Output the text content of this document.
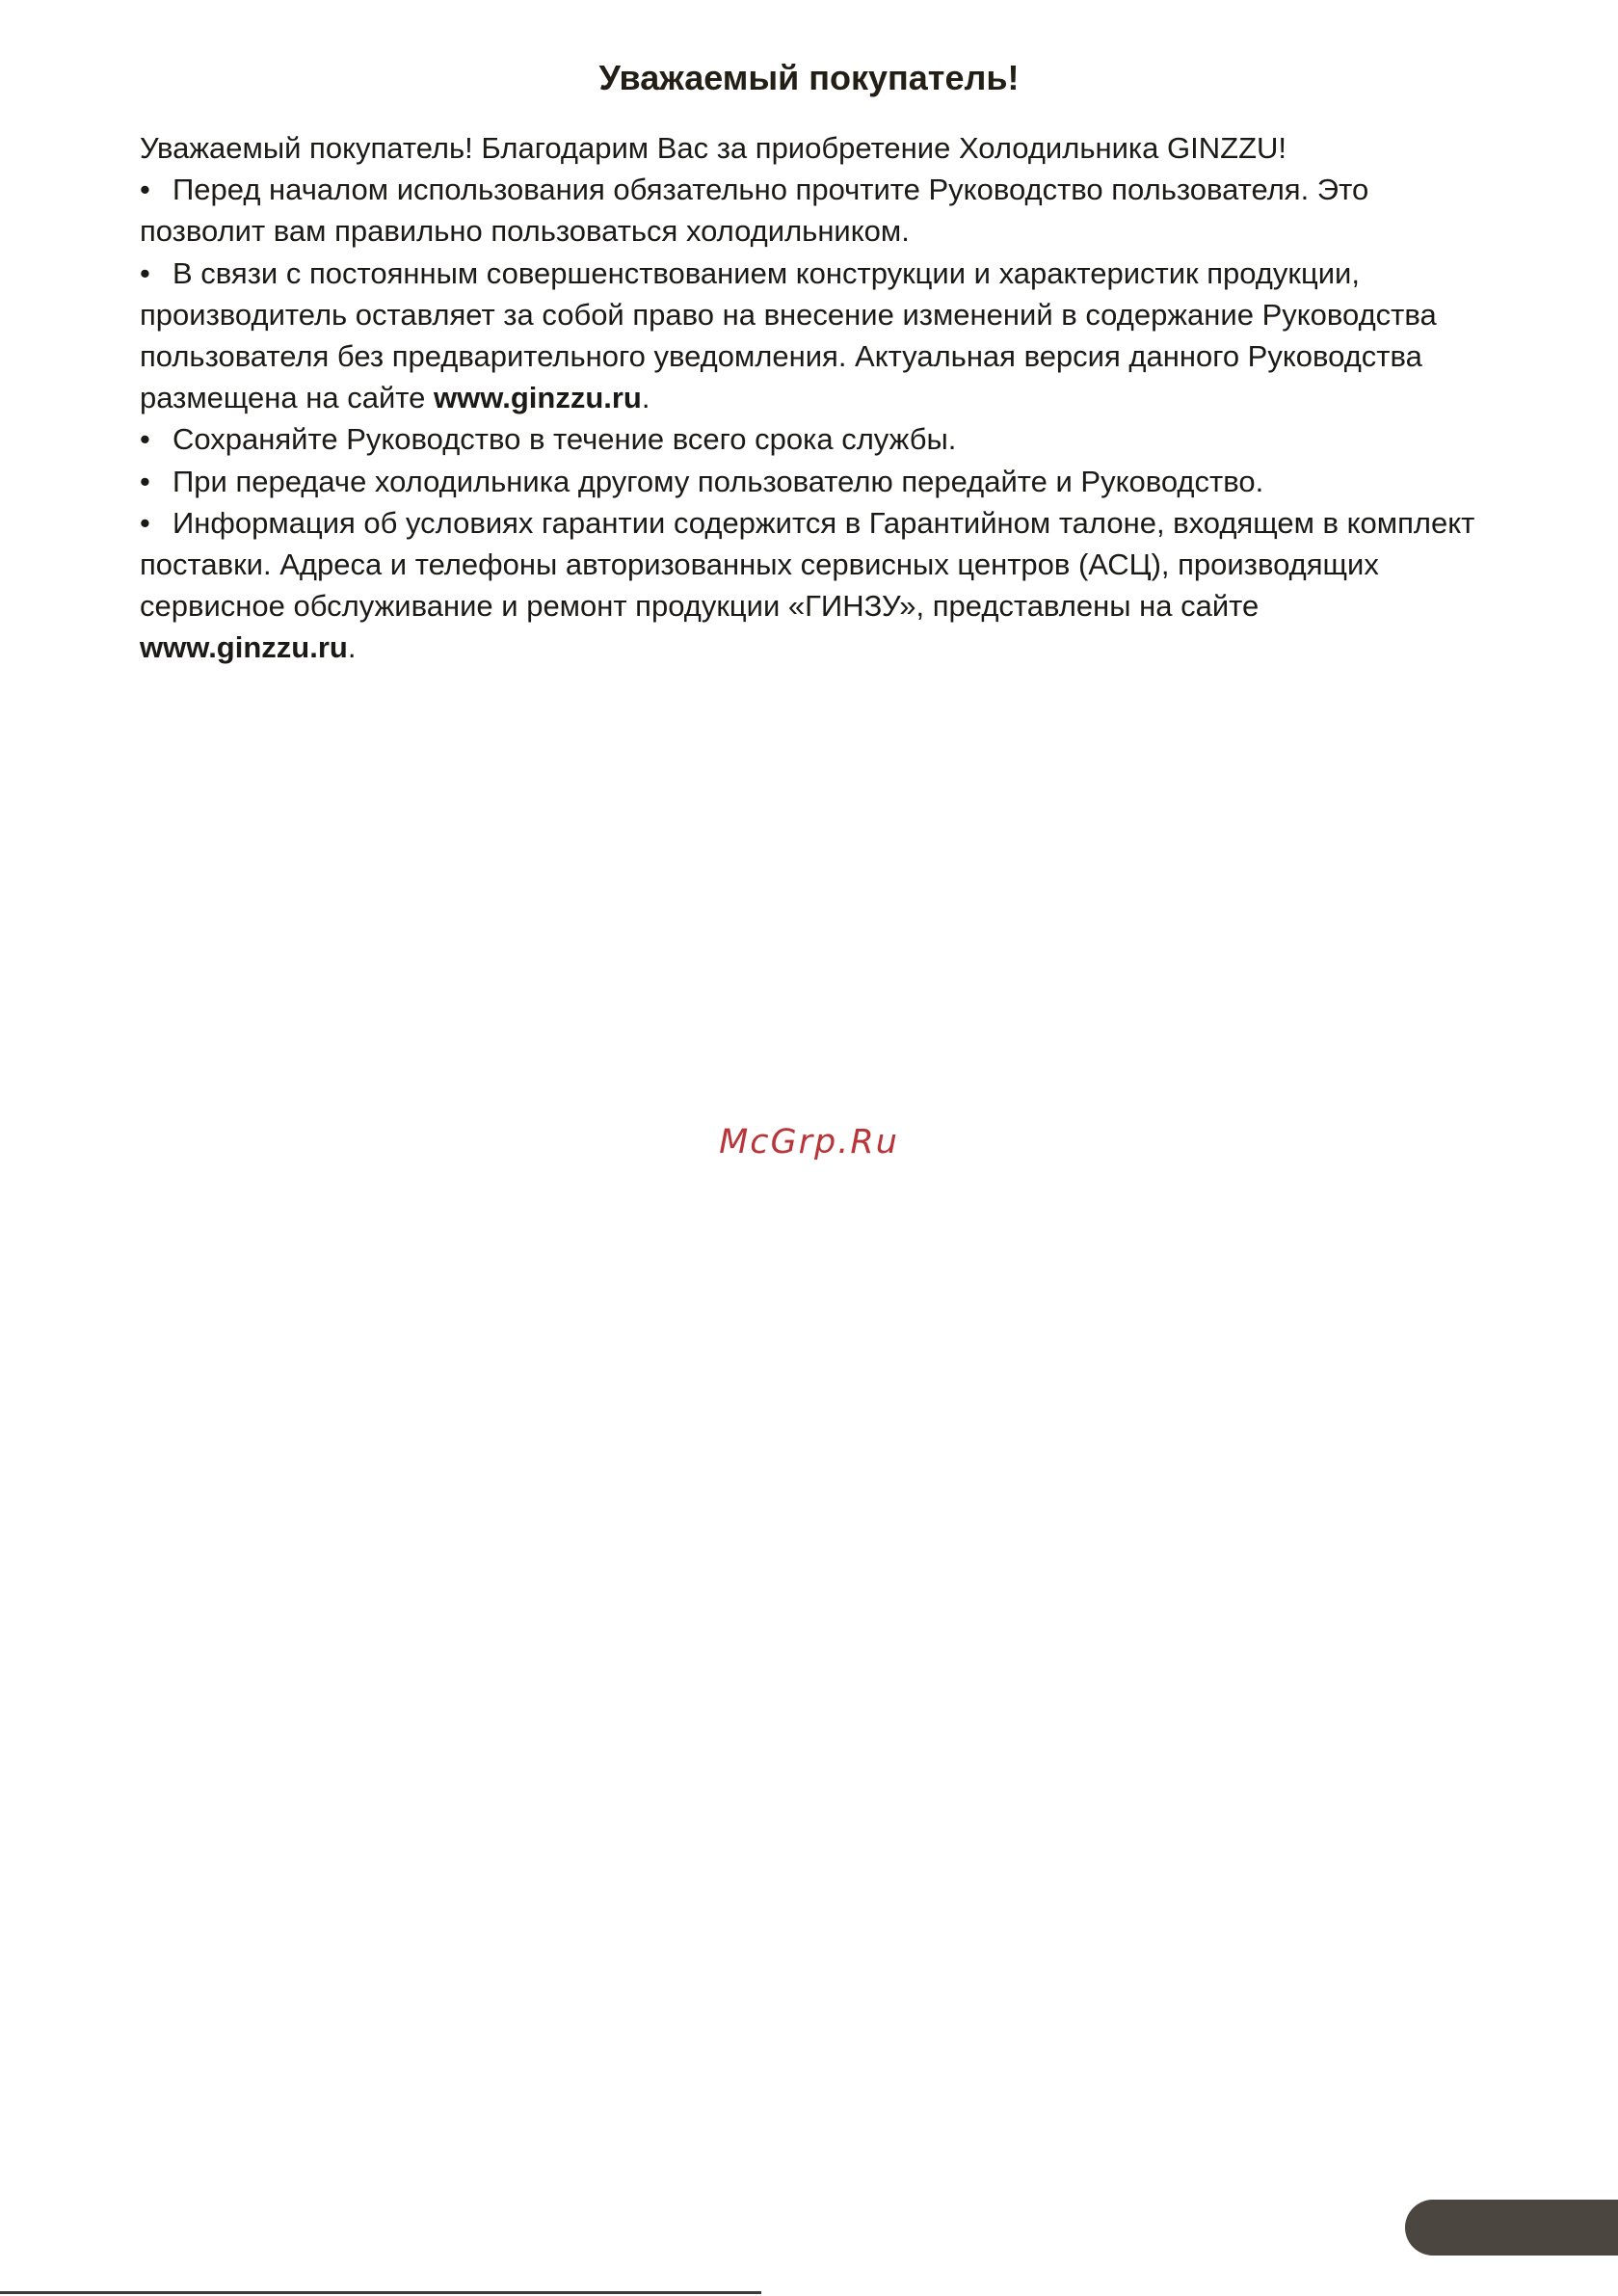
Уважаемый покупатель!

Уважаемый покупатель! Благодарим Вас за приобретение Холодильника GINZZU!

• Перед началом использования обязательно прочтите Руководство пользователя. Это позволит вам правильно пользоваться холодильником.

• В связи с постоянным совершенствованием конструкции и характеристик продукции, производитель оставляет за собой право на внесение изменений в содержание Руководства пользователя без предварительного уведомления. Актуальная версия данного Руководства размещена на сайте www.ginzzu.ru.

• Сохраняйте Руководство в течение всего срока службы.

• При передаче холодильника другому пользователю передайте и Руководство.

• Информация об условиях гарантии содержится в Гарантийном талоне, входящем в комплект поставки. Адреса и телефоны авторизованных сервисных центров (АСЦ), производящих сервисное обслуживание и ремонт продукции «ГИНЗУ», представлены на сайте www.ginzzu.ru.

McGrp.Ru
